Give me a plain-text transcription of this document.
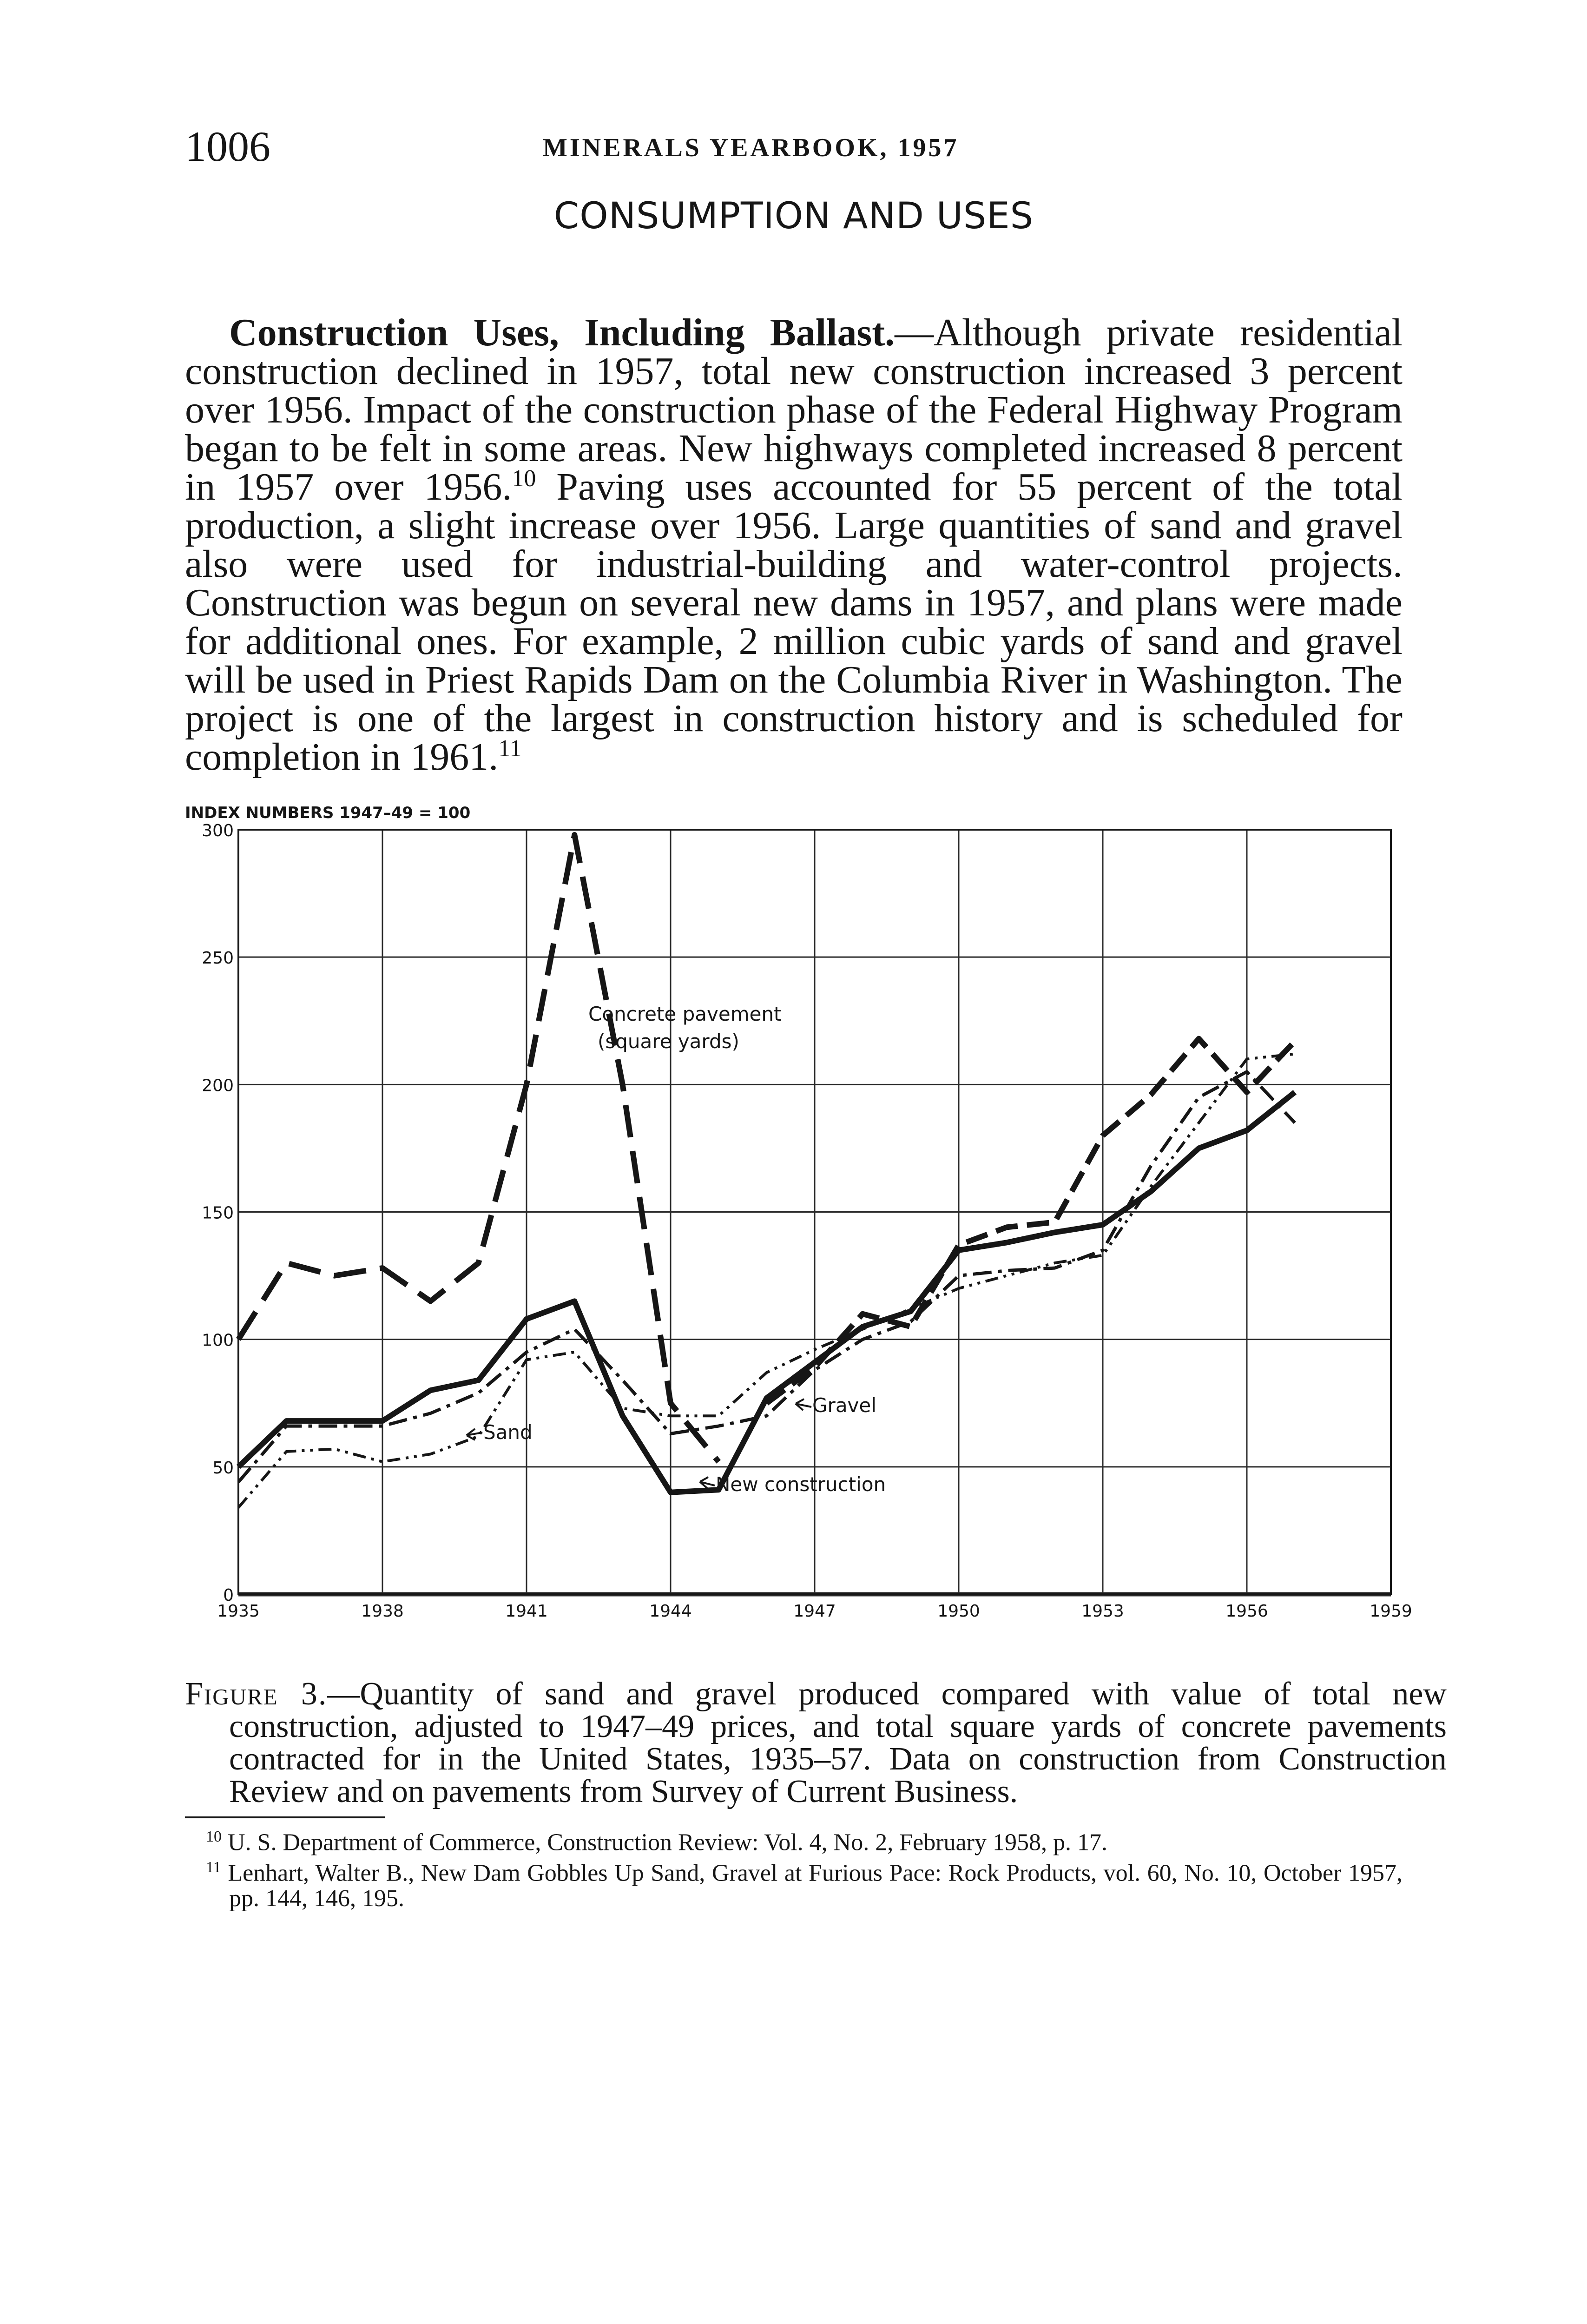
1006	MINERALS YEARBOOK, 1957
CONSUMPTION AND USES

Construction Uses, Including Ballast.—Although private residential construction declined in 1957, total new construction increased 3 percent over 1956. Impact of the construction phase of the Federal Highway Program began to be felt in some areas. New highways completed increased 8 percent in 1957 over 1956.10 Paving uses accounted for 55 percent of the total production, a slight increase over 1956. Large quantities of sand and gravel also were used for industrial-building and water-control projects. Construction was begun on several new dams in 1957, and plans were made for additional ones. For example, 2 million cubic yards of sand and gravel will be used in Priest Rapids Dam on the Columbia River in Washington. The project is one of the largest in construction history and is scheduled for completion in 1961.11

INDEX NUMBERS 1947–49 = 100
0
50
100
150
200
250
300
1935	1938	1941	1944	1947	1950	1953	1956	1959
Concrete pavement
(square yards)
Sand
Gravel
New construction

Figure 3.—Quantity of sand and gravel produced compared with value of total new construction, adjusted to 1947–49 prices, and total square yards of concrete pavements contracted for in the United States, 1935–57. Data on construction from Construction Review and on pavements from Survey of Current Business.

$^{10}$ U. S. Department of Commerce, Construction Review: Vol. 4, No. 2, February 1958, p. 17.
$^{11}$ Lenhart, Walter B., New Dam Gobbles Up Sand, Gravel at Furious Pace: Rock Products, vol. 60, No. 10, October 1957, pp. 144, 146, 195.
